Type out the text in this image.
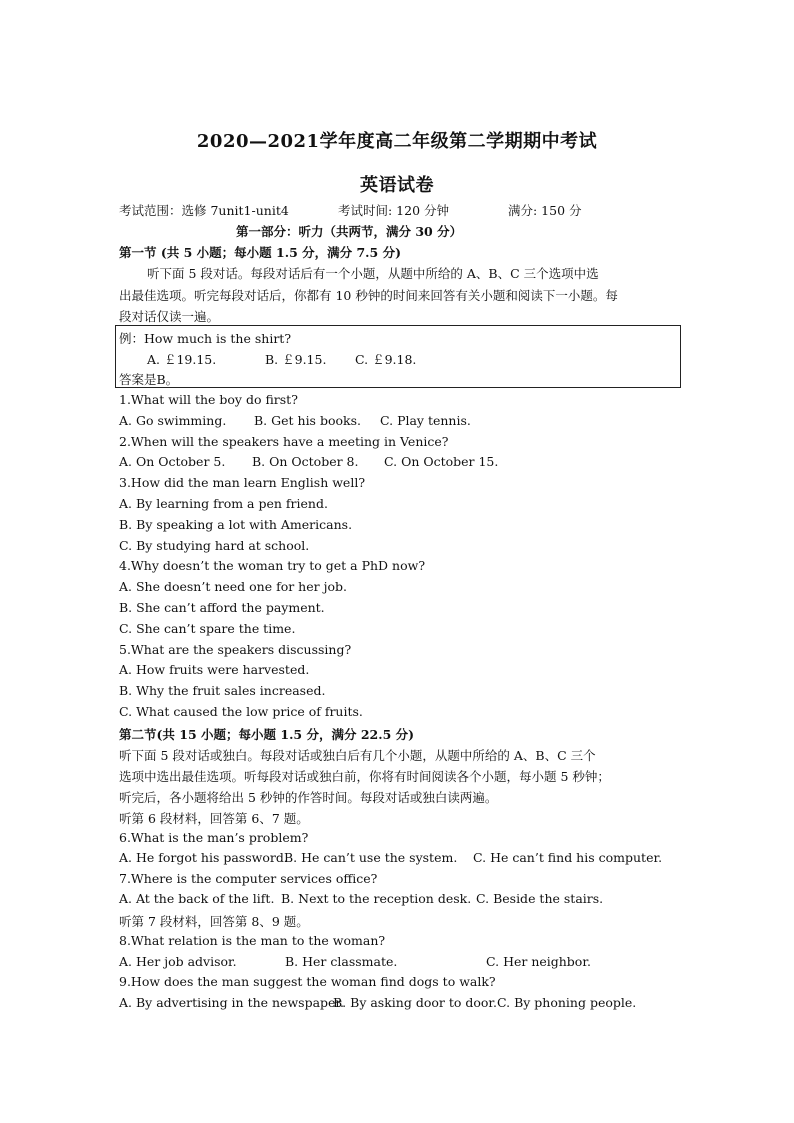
2020—2021学年度高二年级第二学期期中考试
英语试卷
考试范围：选修 7unit1-unit4	考试时间: 120 分钟	满分: 150 分
第一部分：听力（共两节，满分 30 分）
第一节 (共 5 小题；每小题 1.5 分，满分 7.5 分)
听下面 5 段对话。每段对话后有一个小题，从题中所给的 A、B、C 三个选项中选
出最佳选项。听完每段对话后，你都有 10 秒钟的时间来回答有关小题和阅读下一小题。每
段对话仅读一遍。
例：How much is the shirt?
A. ￡19.15.	B. ￡9.15. C. ￡9.18.
答案是B。
1.What will the boy do first?
A. Go swimming. B. Get his books. C. Play tennis.
2.When will the speakers have a meeting in Venice?
A. On October 5. B. On October 8. C. On October 15.
3.How did the man learn English well?
A. By learning from a pen friend.
B. By speaking a lot with Americans.
C. By studying hard at school.
4.Why doesn’t the woman try to get a PhD now?
A. She doesn’t need one for her job.
B. She can’t afford the payment.
C. She can’t spare the time.
5.What are the speakers discussing?
A. How fruits were harvested.
B. Why the fruit sales increased.
C. What caused the low price of fruits.
第二节(共 15 小题；每小题 1.5 分，满分 22.5 分)
听下面 5 段对话或独白。每段对话或独白后有几个小题，从题中所给的 A、B、C 三个
选项中选出最佳选项。听每段对话或独白前，你将有时间阅读各个小题，每小题 5 秒钟；
听完后，各小题将给出 5 秒钟的作答时间。每段对话或独白读两遍。
听第 6 段材料，回答第 6、7 题。
6.What is the man’s problem?
A. He forgot his password.
B. He can’t use the system. C. He can’t find his computer.
7.Where is the computer services office?
A. At the back of the lift. B. Next to the reception desk. C. Beside the stairs.
听第 7 段材料，回答第 8、9 题。
8.What relation is the man to the woman?
A. Her job advisor.	B. Her classmate.	C. Her neighbor.
9.How does the man suggest the woman find dogs to walk?
A. By advertising in the newspaper.
B. By asking door to door. C. By phoning people.
